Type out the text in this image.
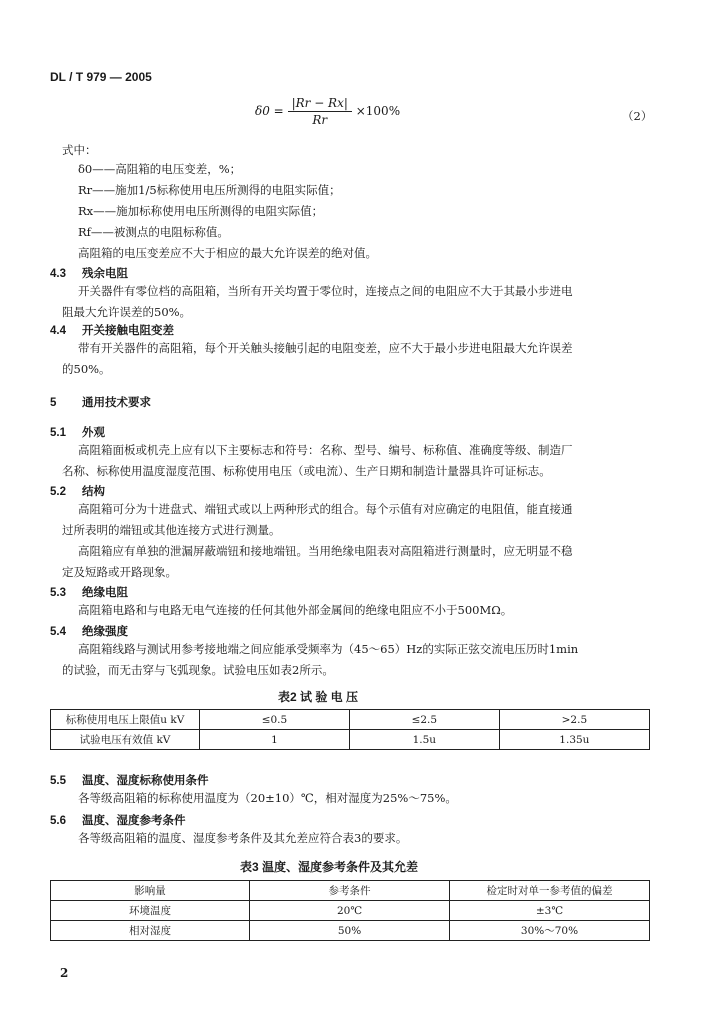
DL / T 979 — 2005
$\delta 0 = \frac{|Rr - Rx|}{Rr} \times 100\%$	（2）
式中：
δ0——高阻箱的电压变差，%；
Rr——施加1/5标称使用电压所测得的电阻实际值；
Rx——施加标称使用电压所测得的电阻实际值；
Rf——被测点的电阻标称值。
高阻箱的电压变差应不大于相应的最大允许误差的绝对值。
4.3 残余电阻
开关器件有零位档的高阻箱，当所有开关均置于零位时，连接点之间的电阻应不大于其最小步进电
阻最大允许误差的50%。
4.4 开关接触电阻变差
带有开关器件的高阻箱，每个开关触头接触引起的电阻变差，应不大于最小步进电阻最大允许误差
的50%。
5 通用技术要求
5.1 外观
高阻箱面板或机壳上应有以下主要标志和符号：名称、型号、编号、标称值、准确度等级、制造厂
名称、标称使用温度湿度范围、标称使用电压（或电流）、生产日期和制造计量器具许可证标志。
5.2 结构
高阻箱可分为十进盘式、端钮式或以上两种形式的组合。每个示值有对应确定的电阻值，能直接通
过所表明的端钮或其他连接方式进行测量。
高阻箱应有单独的泄漏屏蔽端钮和接地端钮。当用绝缘电阻表对高阻箱进行测量时，应无明显不稳
定及短路或开路现象。
5.3 绝缘电阻
高阻箱电路和与电路无电气连接的任何其他外部金属间的绝缘电阻应不小于500MΩ。
5.4 绝缘强度
高阻箱线路与测试用参考接地端之间应能承受频率为（45～65）Hz的实际正弦交流电压历时1min
的试验，而无击穿与飞弧现象。试验电压如表2所示。
表2 试 验 电 压
标称使用电压上限值u kV	≤0.5	≤2.5	>2.5
试验电压有效值 kV	1	1.5u	1.35u
5.5 温度、湿度标称使用条件
各等级高阻箱的标称使用温度为（20±10）℃，相对湿度为25%～75%。
5.6 温度、湿度参考条件
各等级高阻箱的温度、湿度参考条件及其允差应符合表3的要求。
表3 温度、湿度参考条件及其允差
影响量	参考条件	检定时对单一参考值的偏差
环境温度	20℃	±3℃
相对湿度	50%	30%～70%
2
